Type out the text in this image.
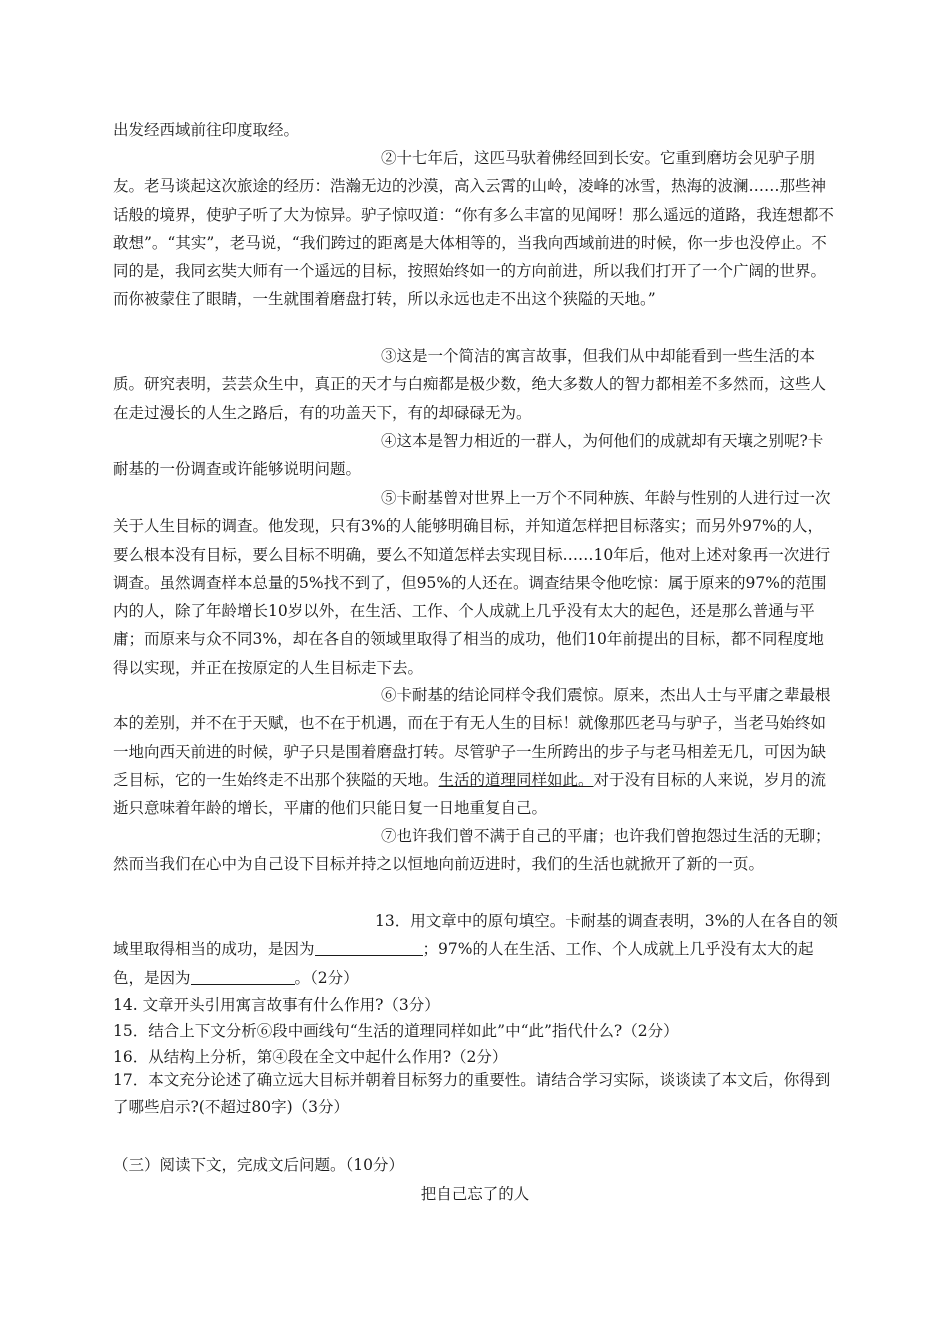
出发经西域前往印度取经。

②十七年后，这匹马驮着佛经回到长安。它重到磨坊会见驴子朋友。老马谈起这次旅途的经历：浩瀚无边的沙漠，高入云霄的山岭，凌峰的冰雪，热海的波澜……那些神话般的境界，使驴子听了大为惊异。驴子惊叹道：“你有多么丰富的见闻呀！那么遥远的道路，我连想都不敢想”。“其实”，老马说，“我们跨过的距离是大体相等的，当我向西域前进的时候，你一步也没停止。不同的是，我同玄奘大师有一个遥远的目标，按照始终如一的方向前进，所以我们打开了一个广阔的世界。而你被蒙住了眼睛，一生就围着磨盘打转，所以永远也走不出这个狭隘的天地。”

③这是一个简洁的寓言故事，但我们从中却能看到一些生活的本质。研究表明，芸芸众生中，真正的天才与白痴都是极少数，绝大多数人的智力都相差不多然而，这些人在走过漫长的人生之路后，有的功盖天下，有的却碌碌无为。

④这本是智力相近的一群人，为何他们的成就却有天壤之别呢?卡耐基的一份调查或许能够说明问题。

⑤卡耐基曾对世界上一万个不同种族、年龄与性别的人进行过一次关于人生目标的调查。他发现，只有3%的人能够明确目标，并知道怎样把目标落实；而另外97%的人，要么根本没有目标，要么目标不明确，要么不知道怎样去实现目标……10年后，他对上述对象再一次进行调查。虽然调查样本总量的5%找不到了，但95%的人还在。调查结果令他吃惊：属于原来的97%的范围内的人，除了年龄增长10岁以外，在生活、工作、个人成就上几乎没有太大的起色，还是那么普通与平庸；而原来与众不同3%，却在各自的领域里取得了相当的成功，他们10年前提出的目标，都不同程度地得以实现，并正在按原定的人生目标走下去。

⑥卡耐基的结论同样令我们震惊。原来，杰出人士与平庸之辈最根本的差别，并不在于天赋，也不在于机遇，而在于有无人生的目标！就像那匹老马与驴子，当老马始终如一地向西天前进的时候，驴子只是围着磨盘打转。尽管驴子一生所跨出的步子与老马相差无几，可因为缺乏目标，它的一生始终走不出那个狭隘的天地。生活的道理同样如此。对于没有目标的人来说，岁月的流逝只意味着年龄的增长，平庸的他们只能日复一日地重复自己。

⑦也许我们曾不满于自己的平庸；也许我们曾抱怨过生活的无聊；然而当我们在心中为自己设下目标并持之以恒地向前迈进时，我们的生活也就掀开了新的一页。

13．用文章中的原句填空。卡耐基的调查表明，3%的人在各自的领域里取得相当的成功，是因为	；97%的人在生活、工作、个人成就上几乎没有太大的起色，是因为	。（2分）

14. 文章开头引用寓言故事有什么作用?（3分）
15．结合上下文分析⑥段中画线句“生活的道理同样如此”中“此”指代什么?（2分）
16．从结构上分析，第④段在全文中起什么作用?（2分）

17．本文充分论述了确立远大目标并朝着目标努力的重要性。请结合学习实际，谈谈读了本文后，你得到了哪些启示?(不超过80字)（3分）

（三）阅读下文，完成文后问题。（10分）
把自己忘了的人
